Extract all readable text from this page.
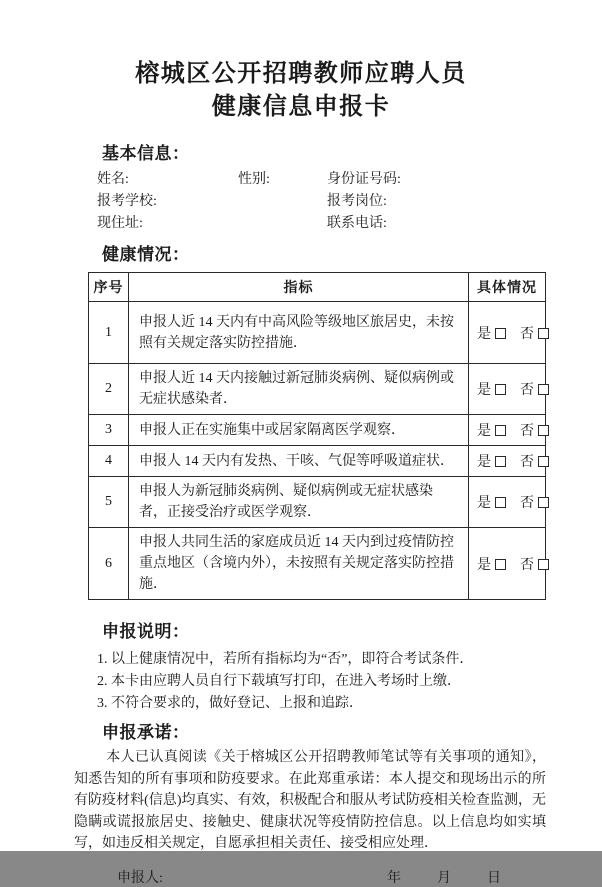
榕城区公开招聘教师应聘人员
健康信息申报卡
基本信息：
姓名:	性别:	身份证号码:
报考学校:	报考岗位:
现住址:	联系电话:
健康情况：
序号	指标	具体情况
1	申报人近 14 天内有中高风险等级地区旅居史，未按照有关规定落实防控措施．	是 否
2	申报人近 14 天内接触过新冠肺炎病例、疑似病例或无症状感染者．	是 否
3	申报人正在实施集中或居家隔离医学观察．	是 否
4	申报人 14 天内有发热、干咳、气促等呼吸道症状．	是 否
5	申报人为新冠肺炎病例、疑似病例或无症状感染者，正接受治疗或医学观察．	是 否
6	申报人共同生活的家庭成员近 14 天内到过疫情防控重点地区（含境内外），未按照有关规定落实防控措施．	是 否
申报说明：
1. 以上健康情况中，若所有指标均为“否”，即符合考试条件．
2. 本卡由应聘人员自行下载填写打印，在进入考场时上缴．
3. 不符合要求的，做好登记、上报和追踪．
申报承诺：

本人已认真阅读《关于榕城区公开招聘教师笔试等有关事项的通知》，知悉告知的所有事项和防疫要求。在此郑重承诺：本人提交和现场出示的所有防疫材料(信息)均真实、有效，积极配合和服从考试防疫相关检查监测，无隐瞒或谎报旅居史、接触史、健康状况等疫情防控信息。以上信息均如实填写，如违反相关规定，自愿承担相关责任、接受相应处理．

申报人:	年	月	日
